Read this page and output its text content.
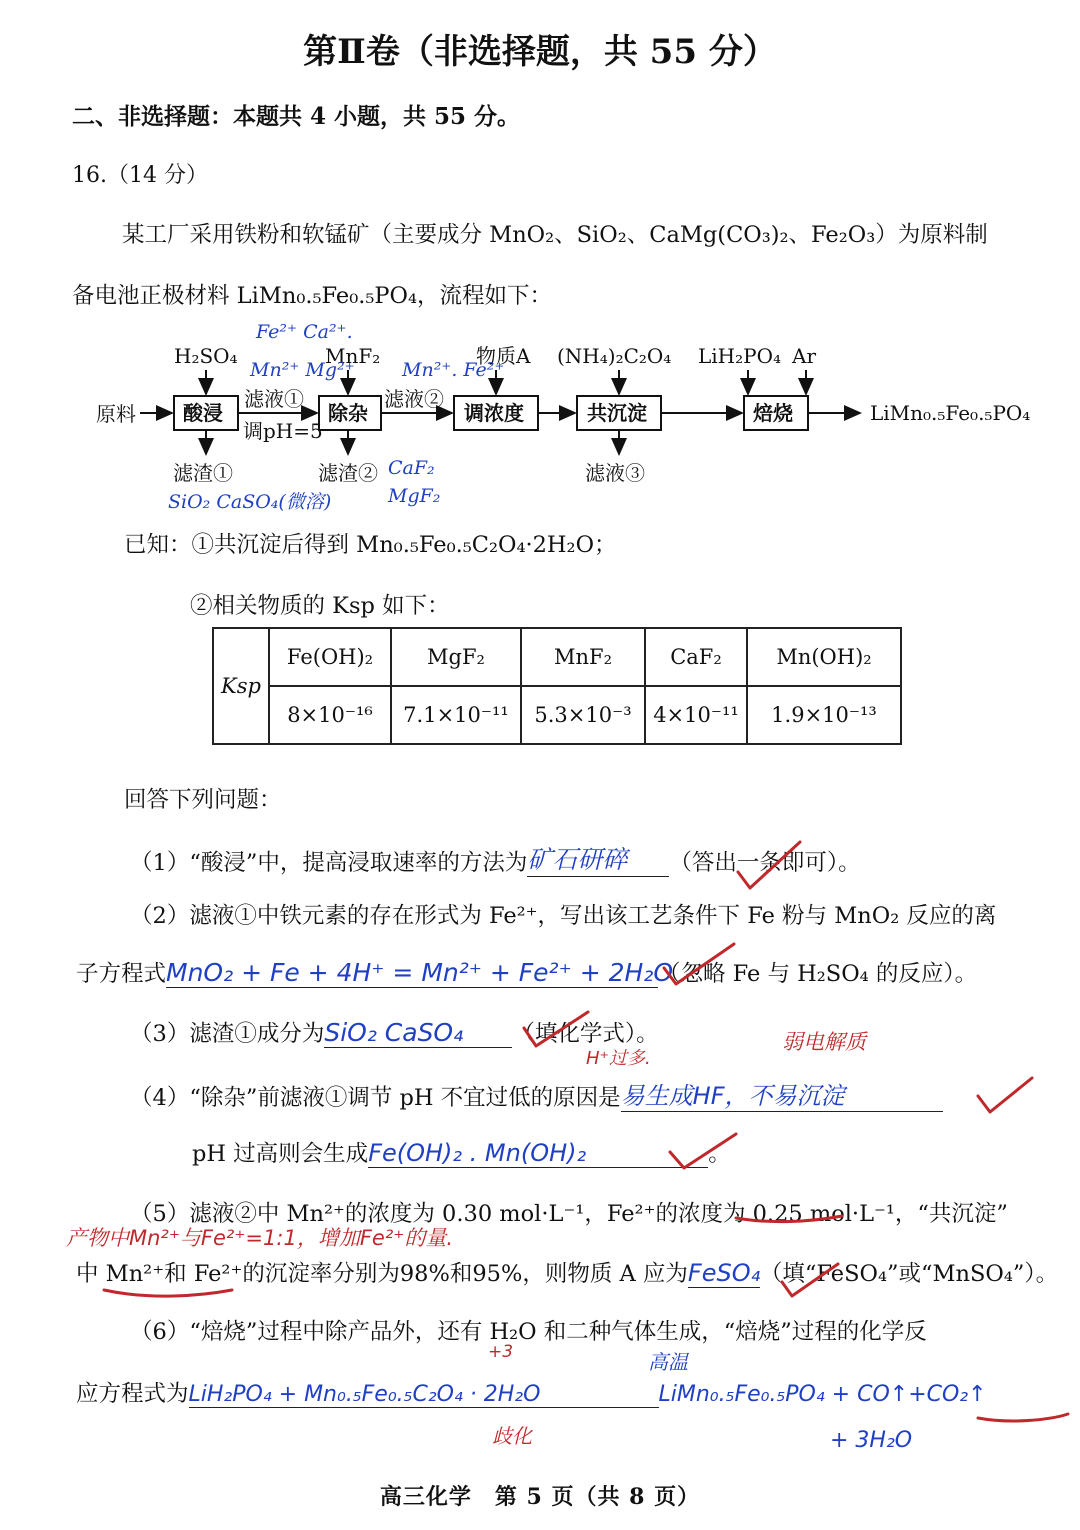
第Ⅱ卷（非选择题，共 55 分）
二、非选择题：本题共 4 小题，共 55 分。
16.（14 分）
某工厂采用铁粉和软锰矿（主要成分 MnO₂、SiO₂、CaMg(CO₃)₂、Fe₂O₃）为原料制
备电池正极材料 LiMn₀.₅Fe₀.₅PO₄，流程如下：
原料 酸浸
H₂SO₄
滤渣①
滤液①
调pH=5
除杂
MnF₂
滤渣②
滤液②
调浓度
物质A
共沉淀
(NH₄)₂C₂O₄
滤液③
焙烧
LiH₂PO₄ Ar
LiMn₀.₅Fe₀.₅PO₄
Fe²⁺ Ca²⁺.
Mn²⁺ Mg²⁺ Mn²⁺. Fe²⁺
SiO₂ CaSO₄(微溶)
CaF₂
MgF₂
已知：①共沉淀后得到 Mn₀.₅Fe₀.₅C₂O₄·2H₂O；
②相关物质的 Ksp 如下：
Ksp	Fe(OH)₂	MgF₂	MnF₂	CaF₂	Mn(OH)₂
	8×10⁻¹⁶	7.1×10⁻¹¹	5.3×10⁻³	4×10⁻¹¹	1.9×10⁻¹³
回答下列问题：
（1）“酸浸”中，提高浸取速率的方法为矿石研碎 （答出一条即可）。
（2）滤液①中铁元素的存在形式为 Fe²⁺，写出该工艺条件下 Fe 粉与 MnO₂ 反应的离
子方程式MnO₂ + Fe + 4H⁺ = Mn²⁺ + Fe²⁺ + 2H₂O（忽略 Fe 与 H₂SO₄ 的反应）。
（3）滤渣①成分为SiO₂ CaSO₄ （填化学式）。	弱电解质
H⁺过多.
（4）“除杂”前滤液①调节 pH 不宜过低的原因是易生成HF，不易沉淀
pH 过高则会生成Fe(OH)₂ . Mn(OH)₂	。
（5）滤液②中 Mn²⁺的浓度为 0.30 mol·L⁻¹，Fe²⁺的浓度为 0.25 mol·L⁻¹，“共沉淀”
产物中Mn²⁺与Fe²⁺=1:1，增加Fe²⁺的量.
中 Mn²⁺和 Fe²⁺的沉淀率分别为98%和95%，则物质 A 应为FeSO₄（填“FeSO₄”或“MnSO₄”）。
（6）“焙烧”过程中除产品外，还有 H₂O 和二种气体生成，“焙烧”过程的化学反
+3	高温
应方程式为LiH₂PO₄ + Mn₀.₅Fe₀.₅C₂O₄ · 2H₂O	LiMn₀.₅Fe₀.₅PO₄ + CO↑+CO₂↑
歧化	+ 3H₂O
高三化学　第 5 页（共 8 页）
